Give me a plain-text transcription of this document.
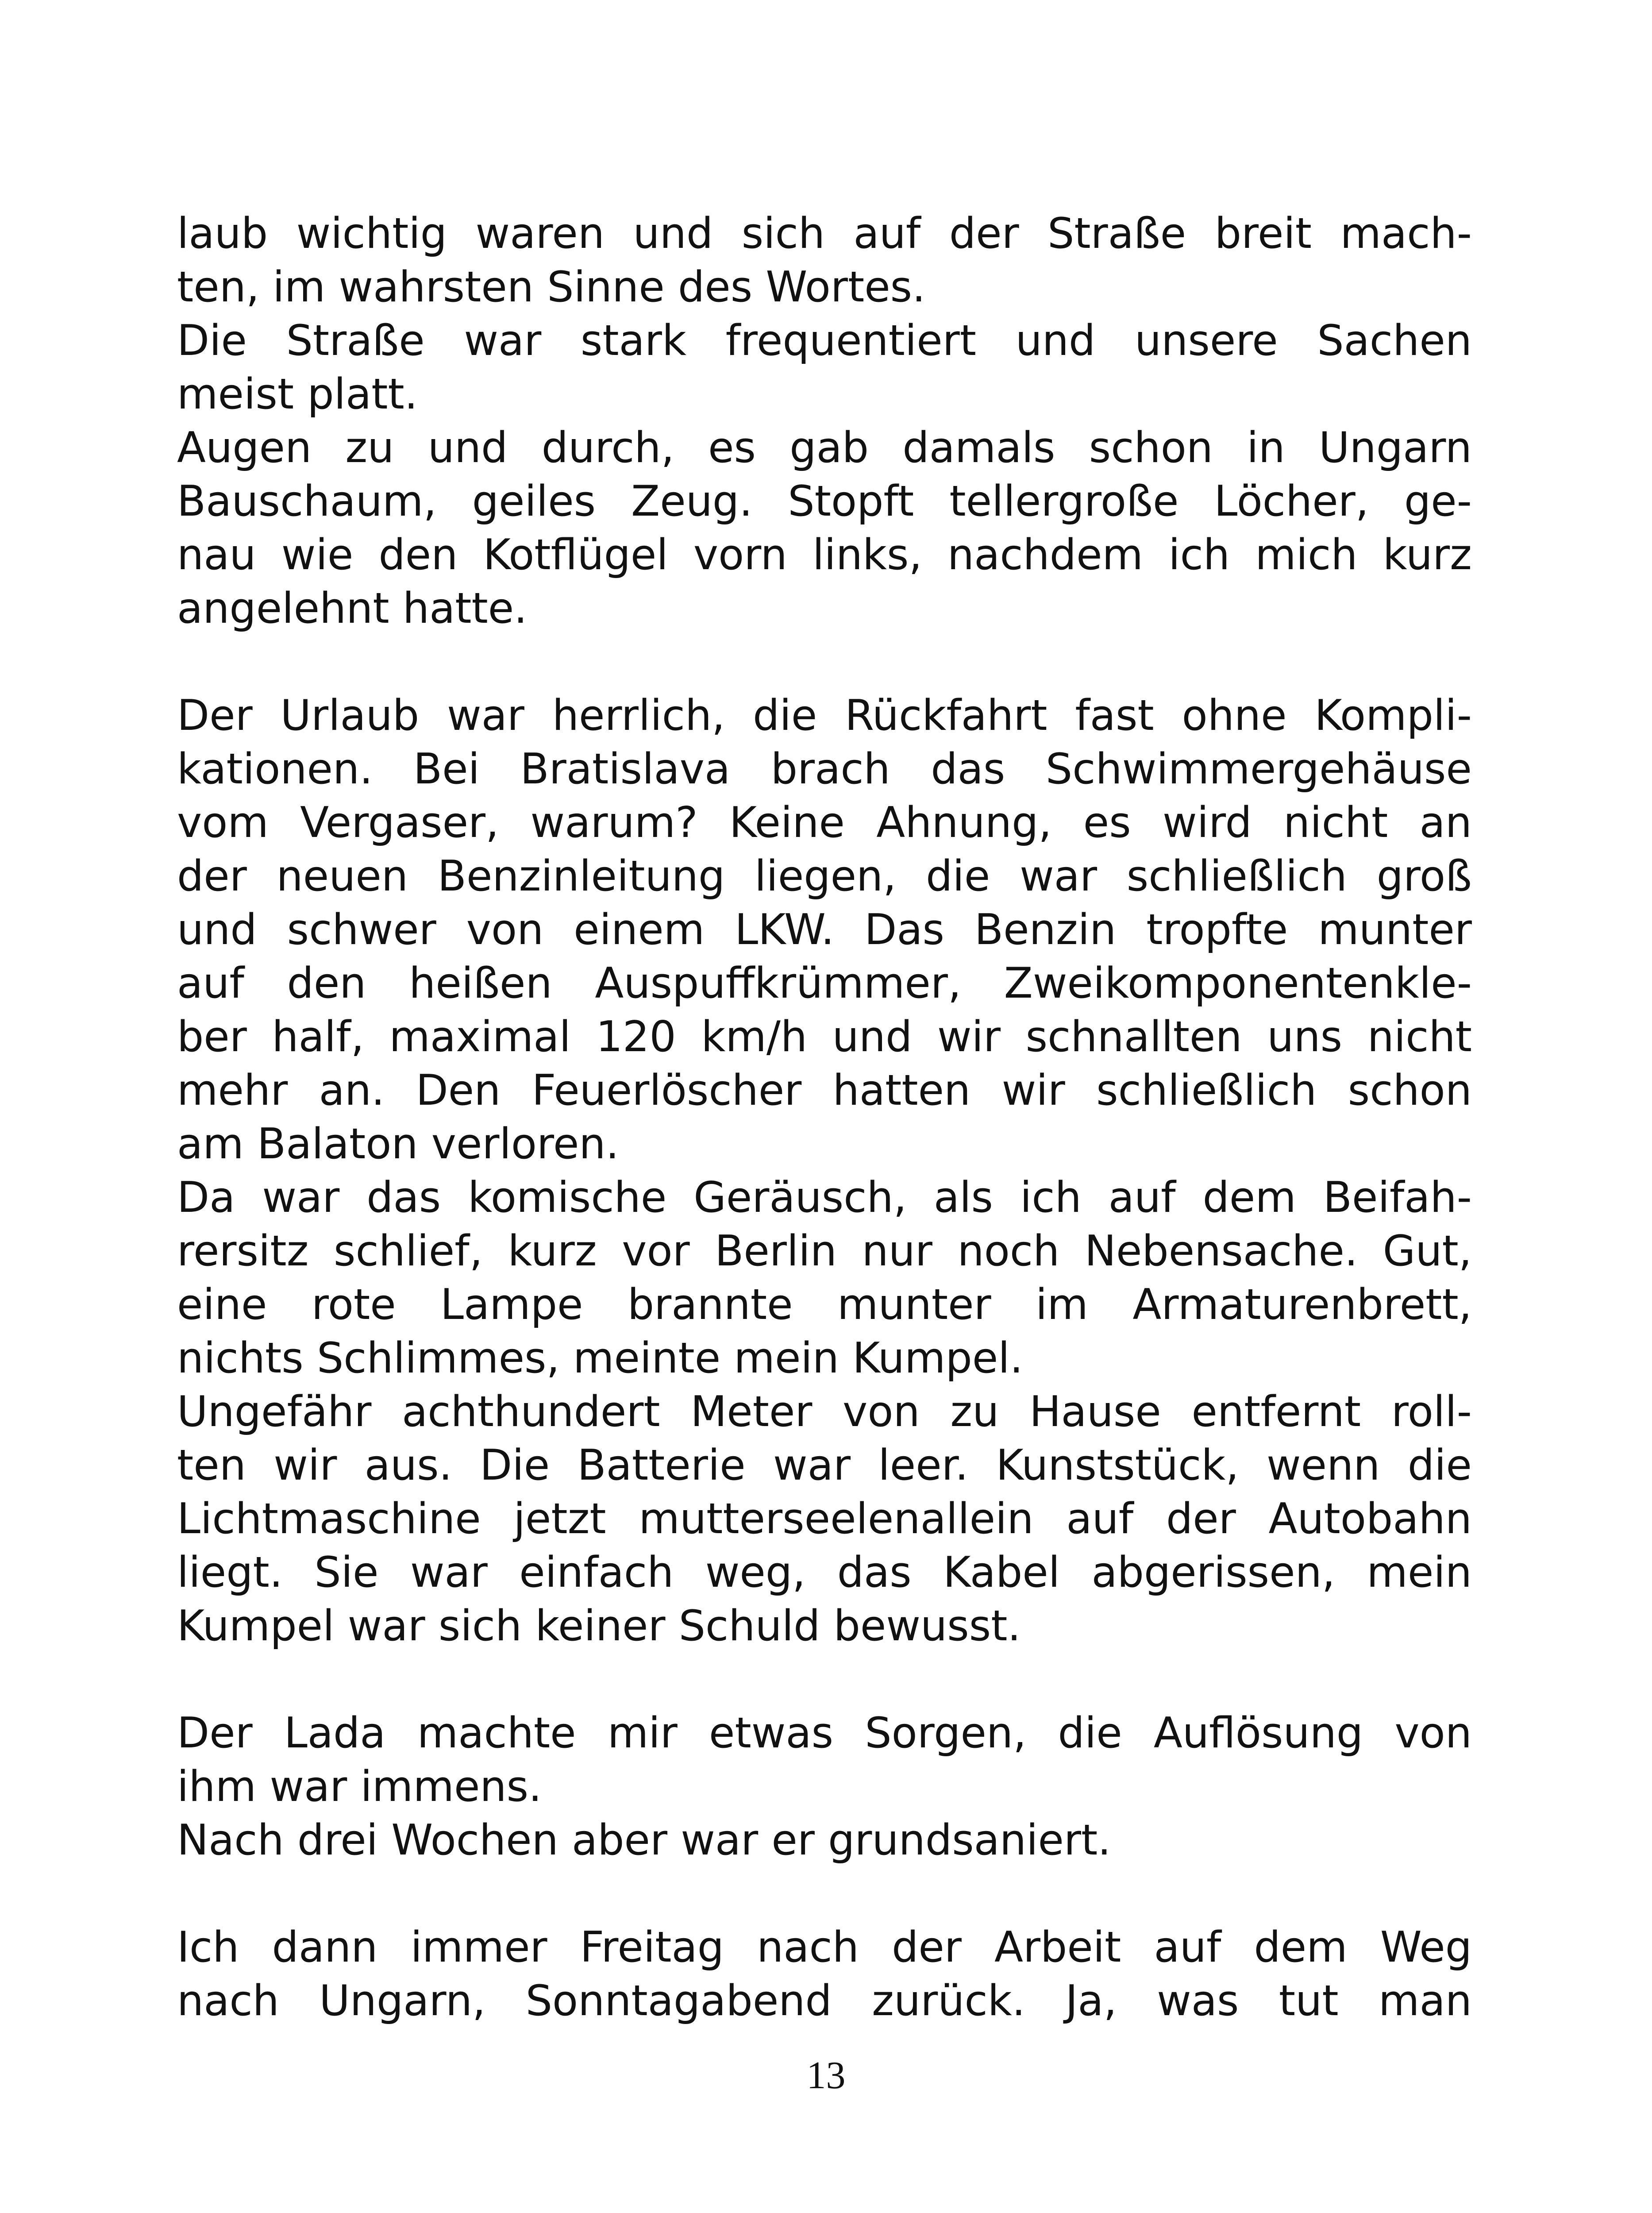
laub wichtig waren und sich auf der Straße breit mach-
ten, im wahrsten Sinne des Wortes.
Die Straße war stark frequentiert und unsere Sachen
meist platt.
Augen zu und durch, es gab damals schon in Ungarn
Bauschaum, geiles Zeug. Stopft tellergroße Löcher, ge-
nau wie den Kotflügel vorn links, nachdem ich mich kurz
angelehnt hatte.
Der Urlaub war herrlich, die Rückfahrt fast ohne Kompli-
kationen. Bei Bratislava brach das Schwimmergehäuse
vom Vergaser, warum? Keine Ahnung, es wird nicht an
der neuen Benzinleitung liegen, die war schließlich groß
und schwer von einem LKW. Das Benzin tropfte munter
auf den heißen Auspuffkrümmer, Zweikomponentenkle-
ber half, maximal 120 km/h und wir schnallten uns nicht
mehr an. Den Feuerlöscher hatten wir schließlich schon
am Balaton verloren.
Da war das komische Geräusch, als ich auf dem Beifah-
rersitz schlief, kurz vor Berlin nur noch Nebensache. Gut,
eine rote Lampe brannte munter im Armaturenbrett,
nichts Schlimmes, meinte mein Kumpel.
Ungefähr achthundert Meter von zu Hause entfernt roll-
ten wir aus. Die Batterie war leer. Kunststück, wenn die
Lichtmaschine jetzt mutterseelenallein auf der Autobahn
liegt. Sie war einfach weg, das Kabel abgerissen, mein
Kumpel war sich keiner Schuld bewusst.
Der Lada machte mir etwas Sorgen, die Auflösung von
ihm war immens.
Nach drei Wochen aber war er grundsaniert.
Ich dann immer Freitag nach der Arbeit auf dem Weg
nach Ungarn, Sonntagabend zurück. Ja, was tut man
13
